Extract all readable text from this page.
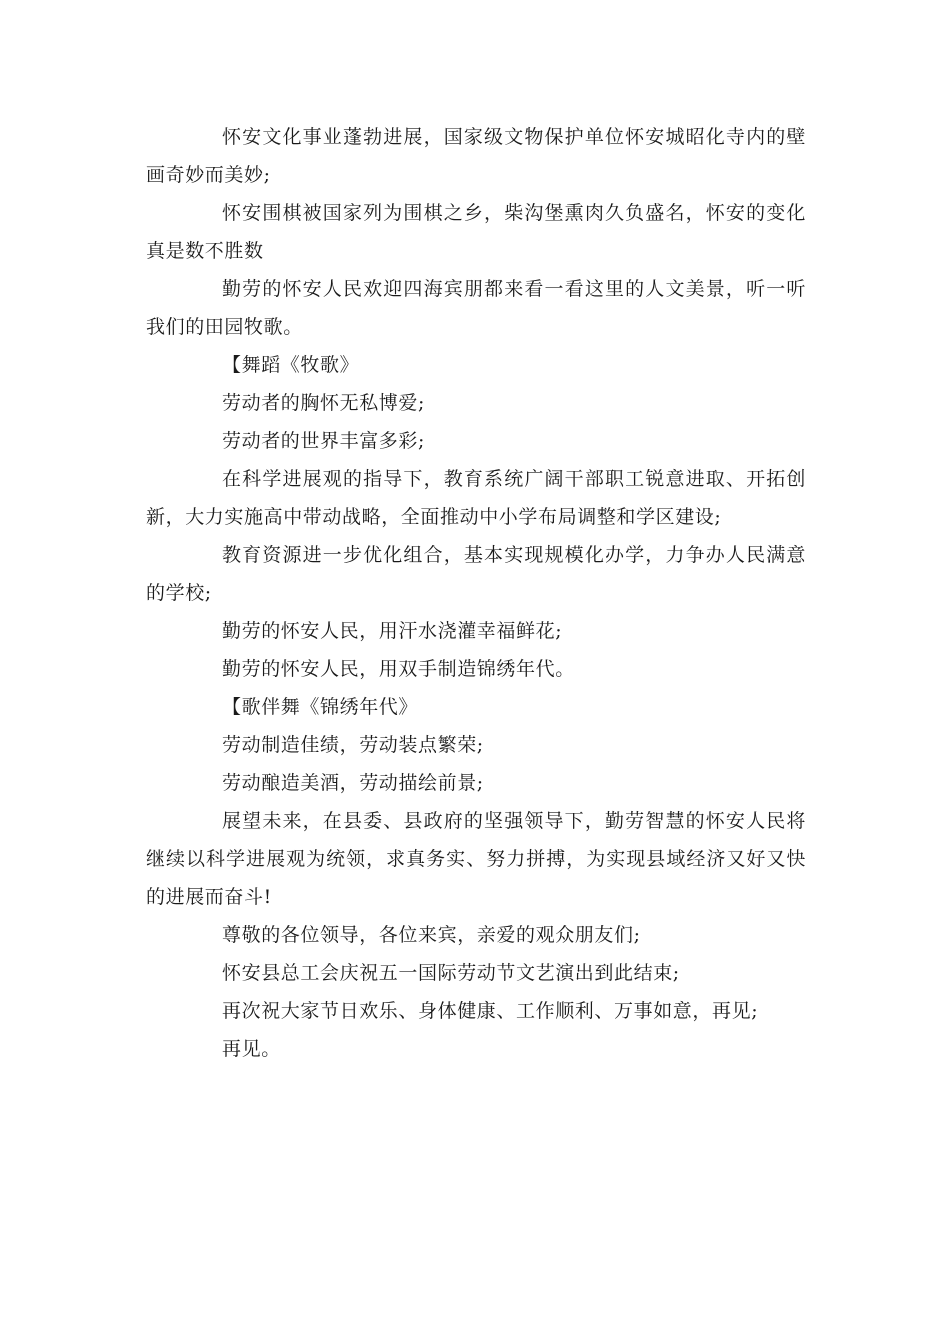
怀安文化事业蓬勃进展，国家级文物保护单位怀安城昭化寺内的壁画奇妙而美妙;

怀安围棋被国家列为围棋之乡，柴沟堡熏肉久负盛名，怀安的变化真是数不胜数

勤劳的怀安人民欢迎四海宾朋都来看一看这里的人文美景，听一听我们的田园牧歌。

【舞蹈《牧歌》

劳动者的胸怀无私博爱;

劳动者的世界丰富多彩;

在科学进展观的指导下，教育系统广阔干部职工锐意进取、开拓创新，大力实施高中带动战略，全面推动中小学布局调整和学区建设;

教育资源进一步优化组合，基本实现规模化办学，力争办人民满意的学校;

勤劳的怀安人民，用汗水浇灌幸福鲜花;

勤劳的怀安人民，用双手制造锦绣年代。

【歌伴舞《锦绣年代》

劳动制造佳绩，劳动装点繁荣;

劳动酿造美酒，劳动描绘前景;

展望未来，在县委、县政府的坚强领导下，勤劳智慧的怀安人民将继续以科学进展观为统领，求真务实、努力拼搏，为实现县域经济又好又快的进展而奋斗!

尊敬的各位领导，各位来宾，亲爱的观众朋友们;

怀安县总工会庆祝五一国际劳动节文艺演出到此结束;

再次祝大家节日欢乐、身体健康、工作顺利、万事如意，再见;

再见。
